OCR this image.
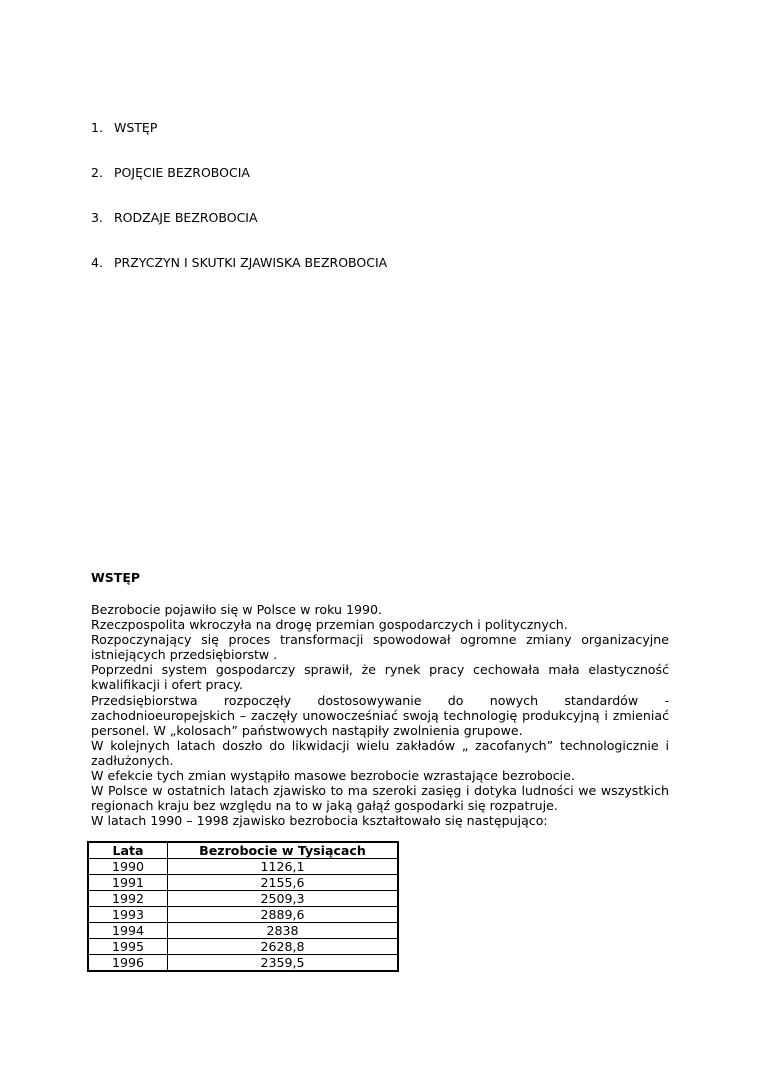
1. WSTĘP
2. POJĘCIE BEZROBOCIA
3. RODZAJE BEZROBOCIA
4. PRZYCZYN I SKUTKI ZJAWISKA BEZROBOCIA
WSTĘP

Bezrobocie pojawiło się w Polsce w roku 1990.

Rzeczpospolita wkroczyła na drogę przemian gospodarczych i politycznych.

Rozpoczynający się proces transformacji spowodował ogromne zmiany organizacyjne istniejących przedsiębiorstw .

Poprzedni system gospodarczy sprawił, że rynek pracy cechowała mała elastyczność kwalifikacji i ofert pracy.

Przedsiębiorstwa rozpoczęły dostosowywanie do nowych standardów - zachodnioeuropejskich – zaczęły unowocześniać swoją technologię produkcyjną i zmieniać personel. W „kolosach” państwowych nastąpiły zwolnienia grupowe.

W kolejnych latach doszło do likwidacji wielu zakładów „ zacofanych” technologicznie i zadłużonych.

W efekcie tych zmian wystąpiło masowe bezrobocie wzrastające bezrobocie.

W Polsce w ostatnich latach zjawisko to ma szeroki zasięg i dotyka ludności we wszystkich regionach kraju bez względu na to w jaką gałąź gospodarki się rozpatruje.

W latach 1990 – 1998 zjawisko bezrobocia kształtowało się następująco:

Lata	Bezrobocie w Tysiącach
1990	1126,1
1991	2155,6
1992	2509,3
1993	2889,6
1994	2838
1995	2628,8
1996	2359,5
